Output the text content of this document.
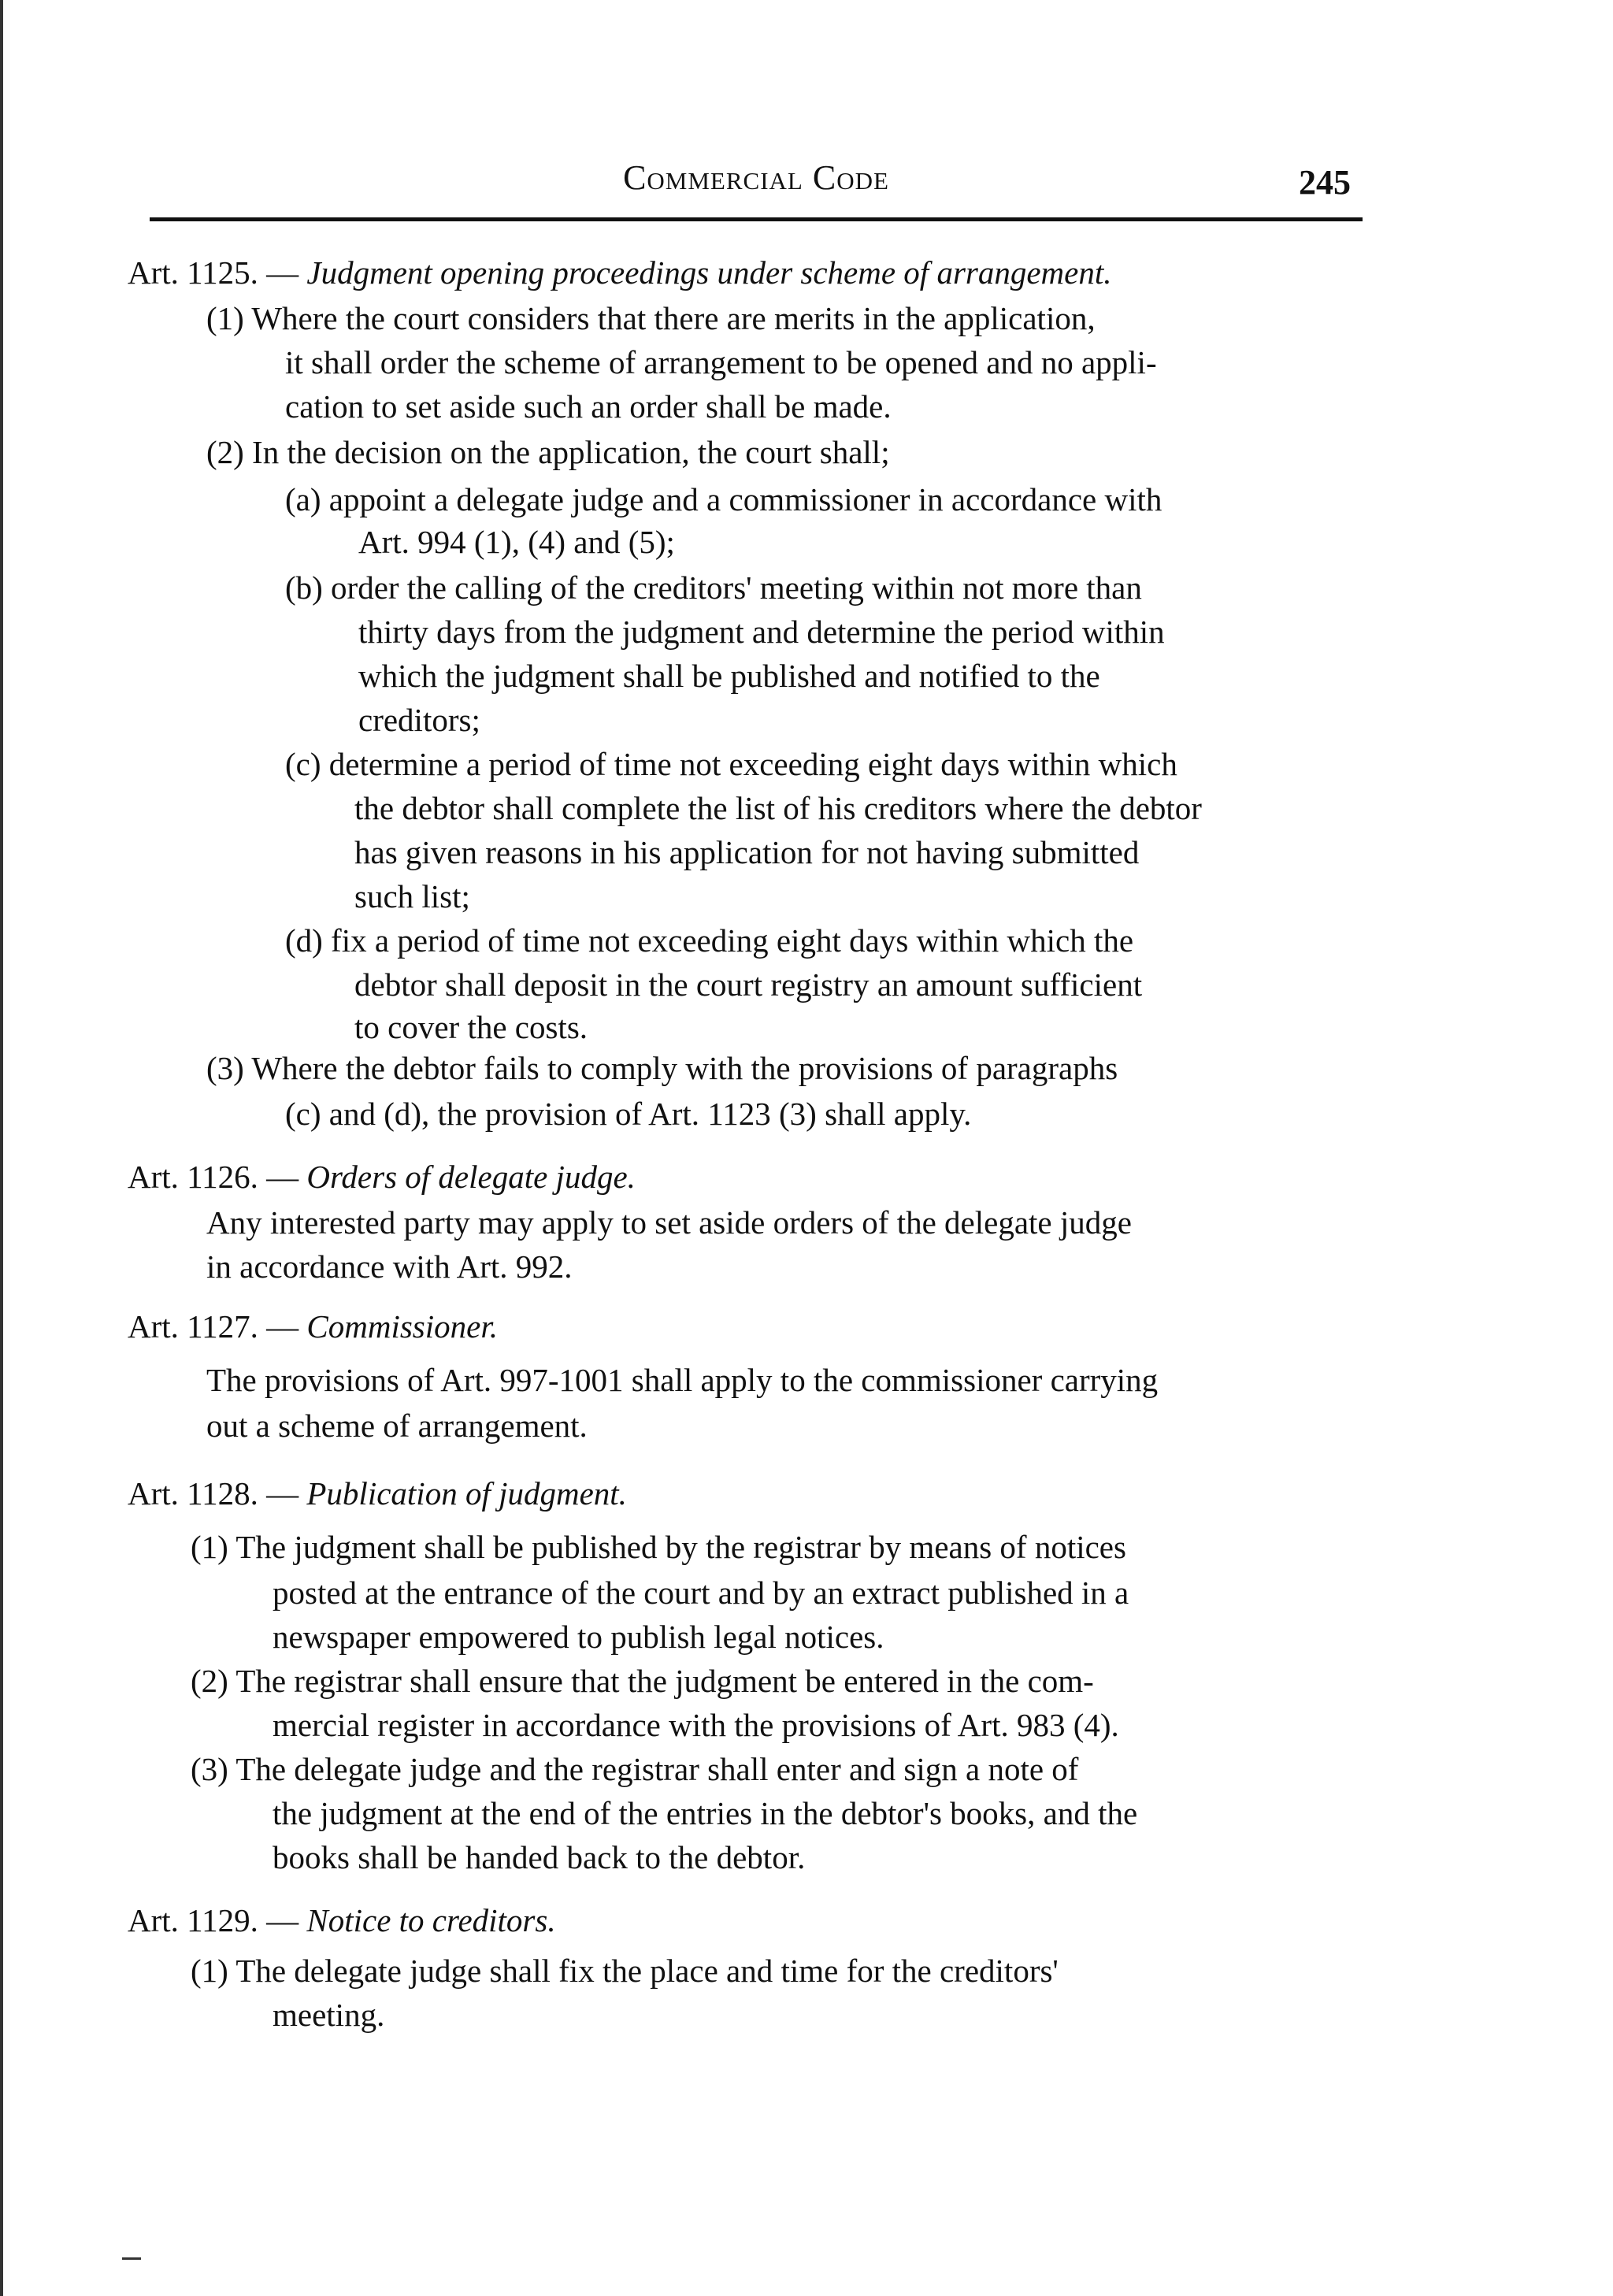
Commercial Code	245
Art. 1125. — Judgment opening proceedings under scheme of arrangement.
(1) Where the court considers that there are merits in the application,
it shall order the scheme of arrangement to be opened and no appli-
cation to set aside such an order shall be made.
(2) In the decision on the application, the court shall;
(a) appoint a delegate judge and a commissioner in accordance with
Art. 994 (1), (4) and (5);
(b) order the calling of the creditors' meeting within not more than
thirty days from the judgment and determine the period within
which the judgment shall be published and notified to the
creditors;
(c) determine a period of time not exceeding eight days within which
the debtor shall complete the list of his creditors where the debtor
has given reasons in his application for not having submitted
such list;
(d) fix a period of time not exceeding eight days within which the
debtor shall deposit in the court registry an amount sufficient
to cover the costs.
(3) Where the debtor fails to comply with the provisions of paragraphs
(c) and (d), the provision of Art. 1123 (3) shall apply.
Art. 1126. — Orders of delegate judge.
Any interested party may apply to set aside orders of the delegate judge
in accordance with Art. 992.
Art. 1127. — Commissioner.
The provisions of Art. 997-1001 shall apply to the commissioner carrying
out a scheme of arrangement.
Art. 1128. — Publication of judgment.
(1) The judgment shall be published by the registrar by means of notices
posted at the entrance of the court and by an extract published in a
newspaper empowered to publish legal notices.
(2) The registrar shall ensure that the judgment be entered in the com-
mercial register in accordance with the provisions of Art. 983 (4).
(3) The delegate judge and the registrar shall enter and sign a note of
the judgment at the end of the entries in the debtor's books, and the
books shall be handed back to the debtor.
Art. 1129. — Notice to creditors.
(1) The delegate judge shall fix the place and time for the creditors'
meeting.
